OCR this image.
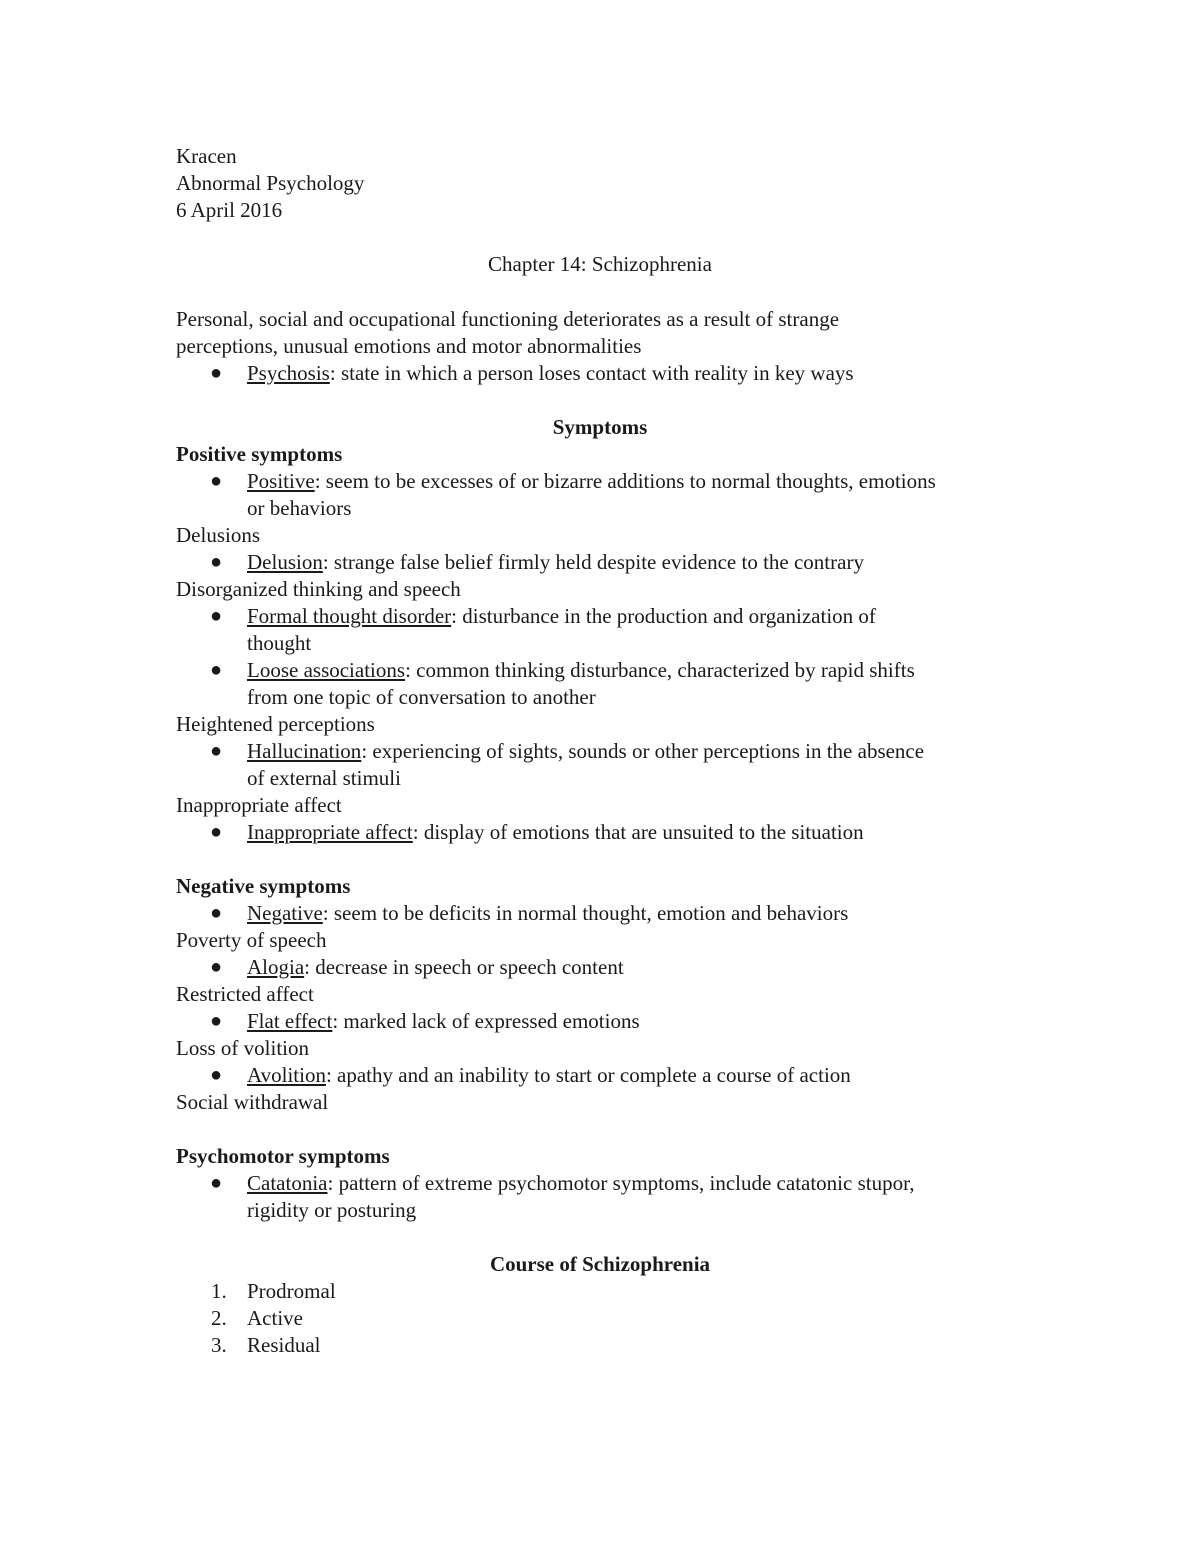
Kracen
Abnormal Psychology
6 April 2016
Chapter 14: Schizophrenia
Personal, social and occupational functioning deteriorates as a result of strange
perceptions, unusual emotions and motor abnormalities
● Psychosis: state in which a person loses contact with reality in key ways
Symptoms
Positive symptoms
● Positive: seem to be excesses of or bizarre additions to normal thoughts, emotions
or behaviors
Delusions
● Delusion: strange false belief firmly held despite evidence to the contrary
Disorganized thinking and speech
● Formal thought disorder: disturbance in the production and organization of
thought
● Loose associations: common thinking disturbance, characterized by rapid shifts
from one topic of conversation to another
Heightened perceptions
● Hallucination: experiencing of sights, sounds or other perceptions in the absence
of external stimuli
Inappropriate affect
● Inappropriate affect: display of emotions that are unsuited to the situation
Negative symptoms
● Negative: seem to be deficits in normal thought, emotion and behaviors
Poverty of speech
● Alogia: decrease in speech or speech content
Restricted affect
● Flat effect: marked lack of expressed emotions
Loss of volition
● Avolition: apathy and an inability to start or complete a course of action
Social withdrawal
Psychomotor symptoms
● Catatonia: pattern of extreme psychomotor symptoms, include catatonic stupor,
rigidity or posturing
Course of Schizophrenia
1. Prodromal
2. Active
3. Residual
